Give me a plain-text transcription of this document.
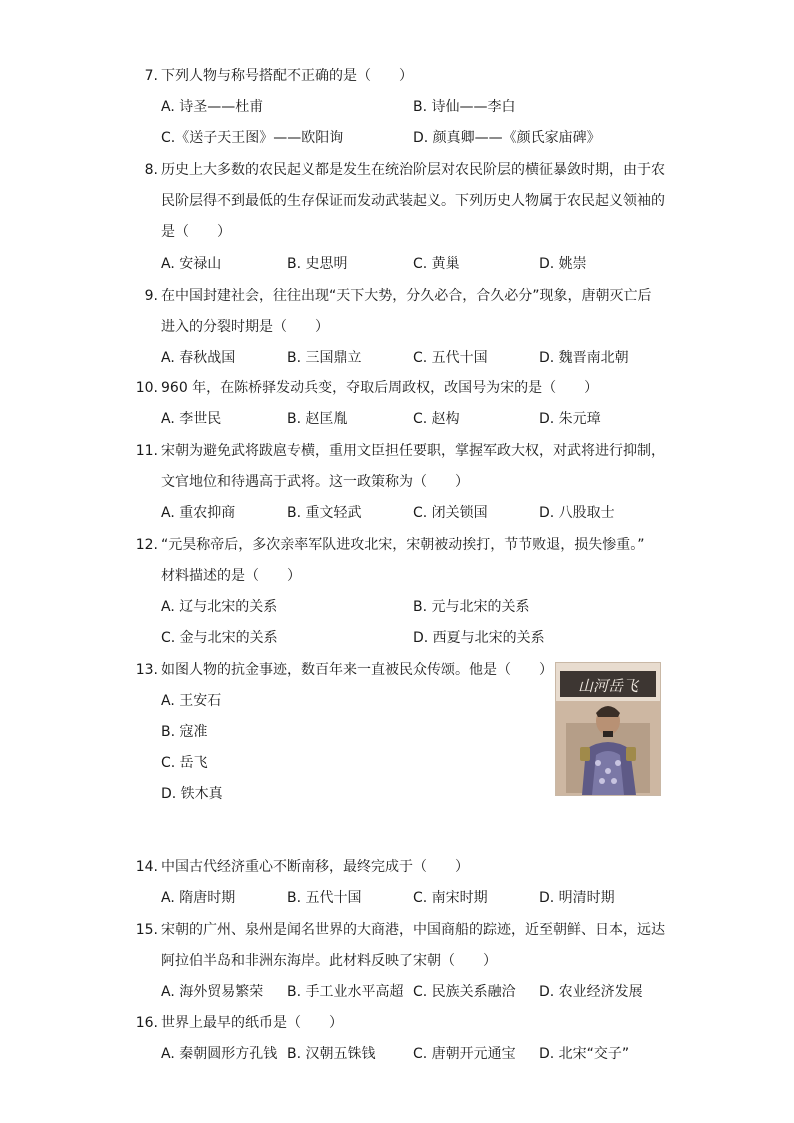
7. 下列人物与称号搭配不正确的是（　　）
A. 诗圣——杜甫	B. 诗仙——李白
C.《送子天王图》——欧阳询	D. 颜真卿——《颜氏家庙碑》
8. 历史上大多数的农民起义都是发生在统治阶层对农民阶层的横征暴敛时期，由于农
民阶层得不到最低的生存保证而发动武装起义。下列历史人物属于农民起义领袖的
是（　　）
A. 安禄山	B. 史思明	C. 黄巢	D. 姚崇
9. 在中国封建社会，往往出现“天下大势，分久必合，合久必分”现象，唐朝灭亡后
进入的分裂时期是（　　）
A. 春秋战国	B. 三国鼎立	C. 五代十国	D. 魏晋南北朝
10. 960 年，在陈桥驿发动兵变，夺取后周政权，改国号为宋的是（　　）
A. 李世民	B. 赵匡胤	C. 赵构	D. 朱元璋
11. 宋朝为避免武将跋扈专横，重用文臣担任要职，掌握军政大权，对武将进行抑制，
文官地位和待遇高于武将。这一政策称为（　　）
A. 重农抑商	B. 重文轻武	C. 闭关锁国	D. 八股取士
12. “元昊称帝后，多次亲率军队进攻北宋，宋朝被动挨打，节节败退，损失惨重。”
材料描述的是（　　）
A. 辽与北宋的关系	B. 元与北宋的关系
C. 金与北宋的关系	D. 西夏与北宋的关系
13. 如图人物的抗金事迹，数百年来一直被民众传颂。他是（　　）
A. 王安石
B. 寇准
C. 岳飞
D. 铁木真
山河岳飞
14. 中国古代经济重心不断南移，最终完成于（　　）
A. 隋唐时期	B. 五代十国	C. 南宋时期	D. 明清时期
15. 宋朝的广州、泉州是闻名世界的大商港，中国商船的踪迹，近至朝鲜、日本，远达
阿拉伯半岛和非洲东海岸。此材料反映了宋朝（　　）
A. 海外贸易繁荣 B. 手工业水平高超 C. 民族关系融洽 D. 农业经济发展
16. 世界上最早的纸币是（　　）
A. 秦朝圆形方孔钱 B. 汉朝五铢钱	C. 唐朝开元通宝 D. 北宋“交子”
